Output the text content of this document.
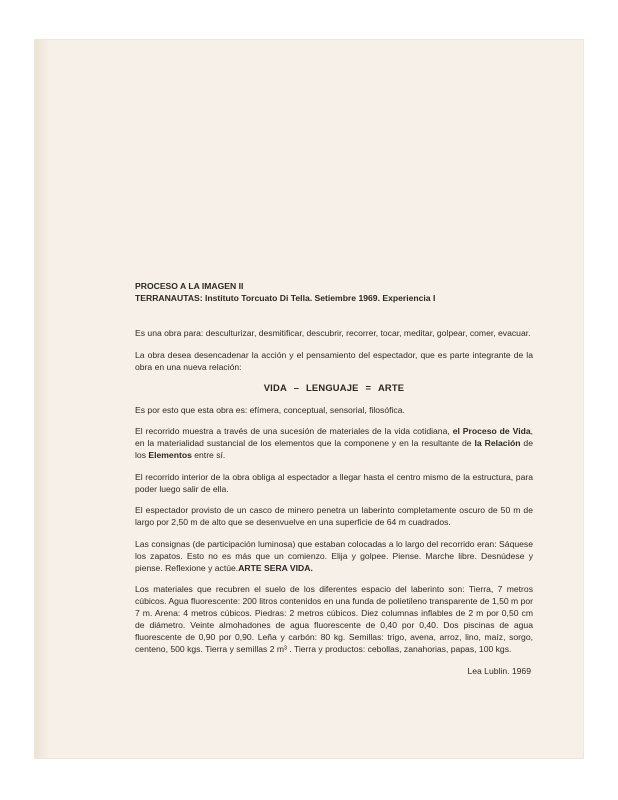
PROCESO A LA IMAGEN II
TERRANAUTAS: Instituto Torcuato Di Tella. Setiembre 1969. Experiencia I

Es una obra para: desculturizar, desmitificar, descubrir, recorrer, tocar, meditar, golpear, comer, evacuar.

La obra desea desencadenar la acción y el pensamiento del espectador, que es parte integrante de la obra en una nueva relación:

VIDA – LENGUAJE = ARTE

Es por esto que esta obra es: efímera, conceptual, sensorial, filosófica.

El recorrido muestra a través de una sucesión de materiales de la vida cotidiana, el Proceso de Vida, en la materialidad sustancial de los elementos que la componene y en la resultante de la Relación de los Elementos entre sí.

El recorrido interior de la obra obliga al espectador a llegar hasta el centro mismo de la estructura, para poder luego salir de ella.

El espectador provisto de un casco de minero penetra un laberinto completamente oscuro de 50 m de largo por 2,50 m de alto que se desenvuelve en una superficie de 64 m cuadrados.

Las consignas (de participación luminosa) que estaban colocadas a lo largo del recorrido eran: Sáquese los zapatos. Esto no es más que un comienzo. Elija y golpee. Piense. Marche libre. Desnúdese y piense. Reflexione y actúe.ARTE SERA VIDA.

Los materiales que recubren el suelo de los diferentes espacio del laberinto son: Tierra, 7 metros cúbicos. Agua fluorescente: 200 litros contenidos en una funda de polietileno transparente de 1,50 m por 7 m. Arena: 4 metros cúbicos. Piedras: 2 metros cúbicos. Diez columnas inflables de 2 m por 0,50 cm de diámetro. Veinte almohadones de agua fluorescente de 0,40 por 0,40. Dos piscinas de agua fluorescente de 0,90 por 0,90. Leña y carbón: 80 kg. Semillas: trigo, avena, arroz, lino, maíz, sorgo, centeno, 500 kgs. Tierra y semillas 2 m³ . Tierra y productos: cebollas, zanahorias, papas, 100 kgs.

Lea Lublin. 1969
